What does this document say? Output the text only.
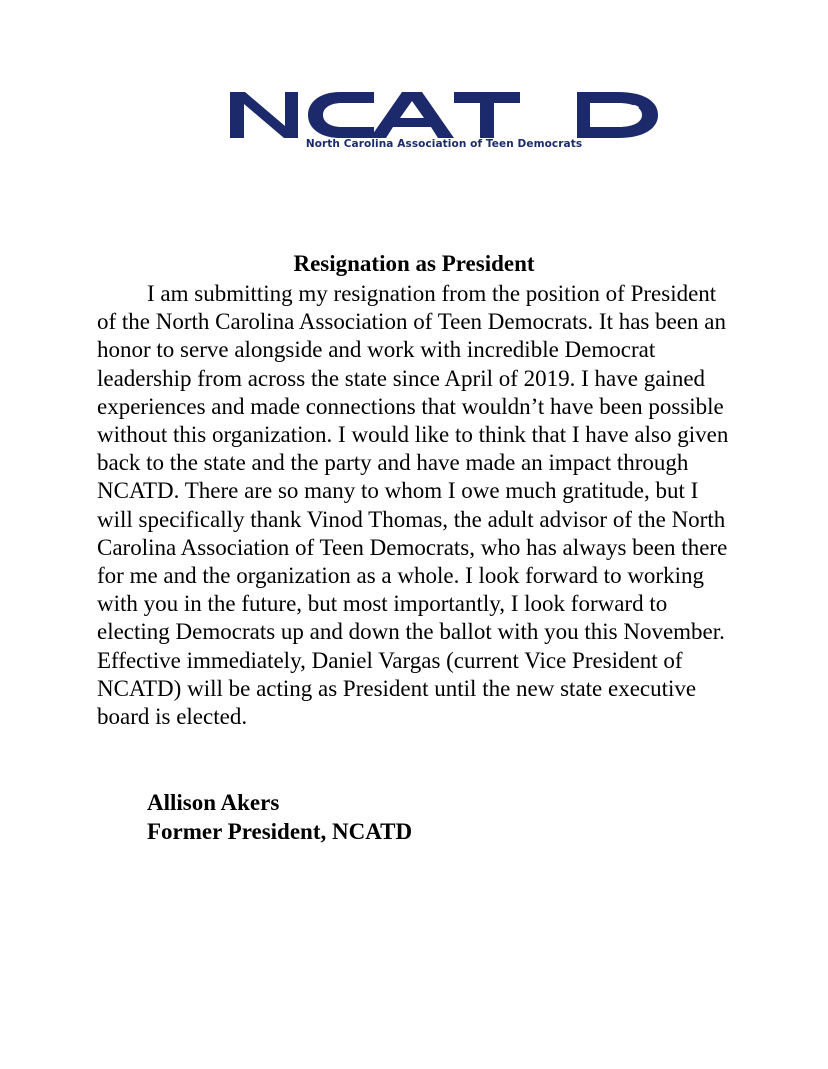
North Carolina Association of Teen Democrats
Resignation as President

I am submitting my resignation from the position of President of the North Carolina Association of Teen Democrats. It has been an honor to serve alongside and work with incredible Democrat leadership from across the state since April of 2019. I have gained experiences and made connections that wouldn’t have been possible without this organization. I would like to think that I have also given back to the state and the party and have made an impact through NCATD. There are so many to whom I owe much gratitude, but I will specifically thank Vinod Thomas, the adult advisor of the North Carolina Association of Teen Democrats, who has always been there for me and the organization as a whole. I look forward to working with you in the future, but most importantly, I look forward to electing Democrats up and down the ballot with you this November. Effective immediately, Daniel Vargas (current Vice President of NCATD) will be acting as President until the new state executive board is elected.

Allison Akers
Former President, NCATD
